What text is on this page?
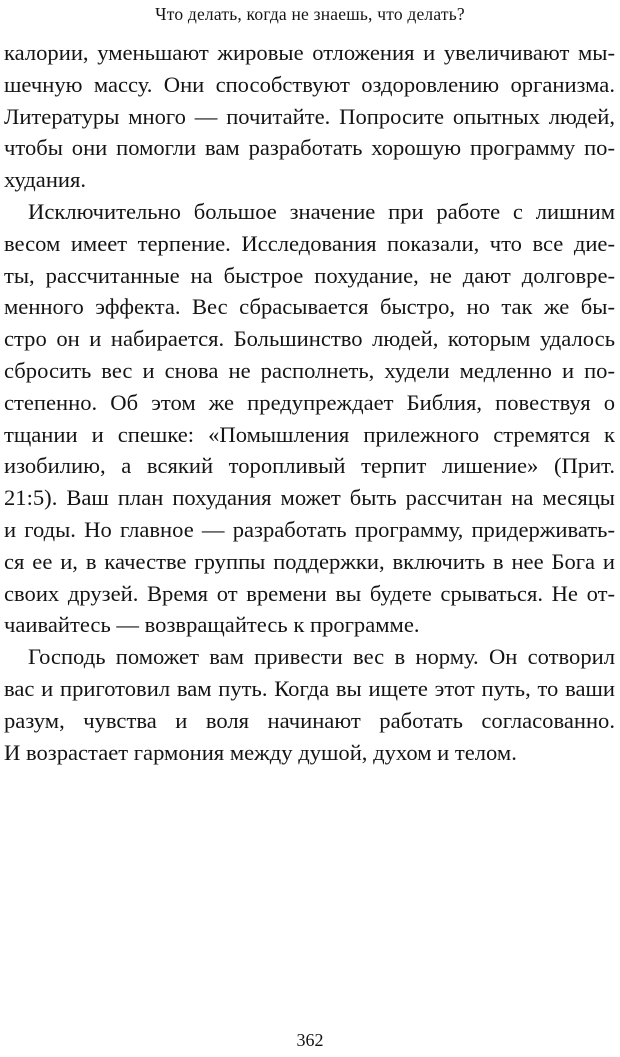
Что делать, когда не знаешь, что делать?
калории, уменьшают жировые отложения и увеличивают мы-
шечную массу. Они способствуют оздоровлению организма.
Литературы много — почитайте. Попросите опытных людей,
чтобы они помогли вам разработать хорошую программу по-
худания.
Исключительно большое значение при работе с лишним
весом имеет терпение. Исследования показали, что все дие-
ты, рассчитанные на быстрое похудание, не дают долговре-
менного эффекта. Вес сбрасывается быстро, но так же бы-
стро он и набирается. Большинство людей, которым удалось
сбросить вес и снова не располнеть, худели медленно и по-
степенно. Об этом же предупреждает Библия, повествуя о
тщании и спешке: «Помышления прилежного стремятся к
изобилию, а всякий торопливый терпит лишение» (Прит.
21:5). Ваш план похудания может быть рассчитан на месяцы
и годы. Но главное — разработать программу, придерживать-
ся ее и, в качестве группы поддержки, включить в нее Бога и
своих друзей. Время от времени вы будете срываться. Не от-
чаивайтесь — возвращайтесь к программе.
Господь поможет вам привести вес в норму. Он сотворил
вас и приготовил вам путь. Когда вы ищете этот путь, то ваши
разум, чувства и воля начинают работать согласованно.
И возрастает гармония между душой, духом и телом.
362
